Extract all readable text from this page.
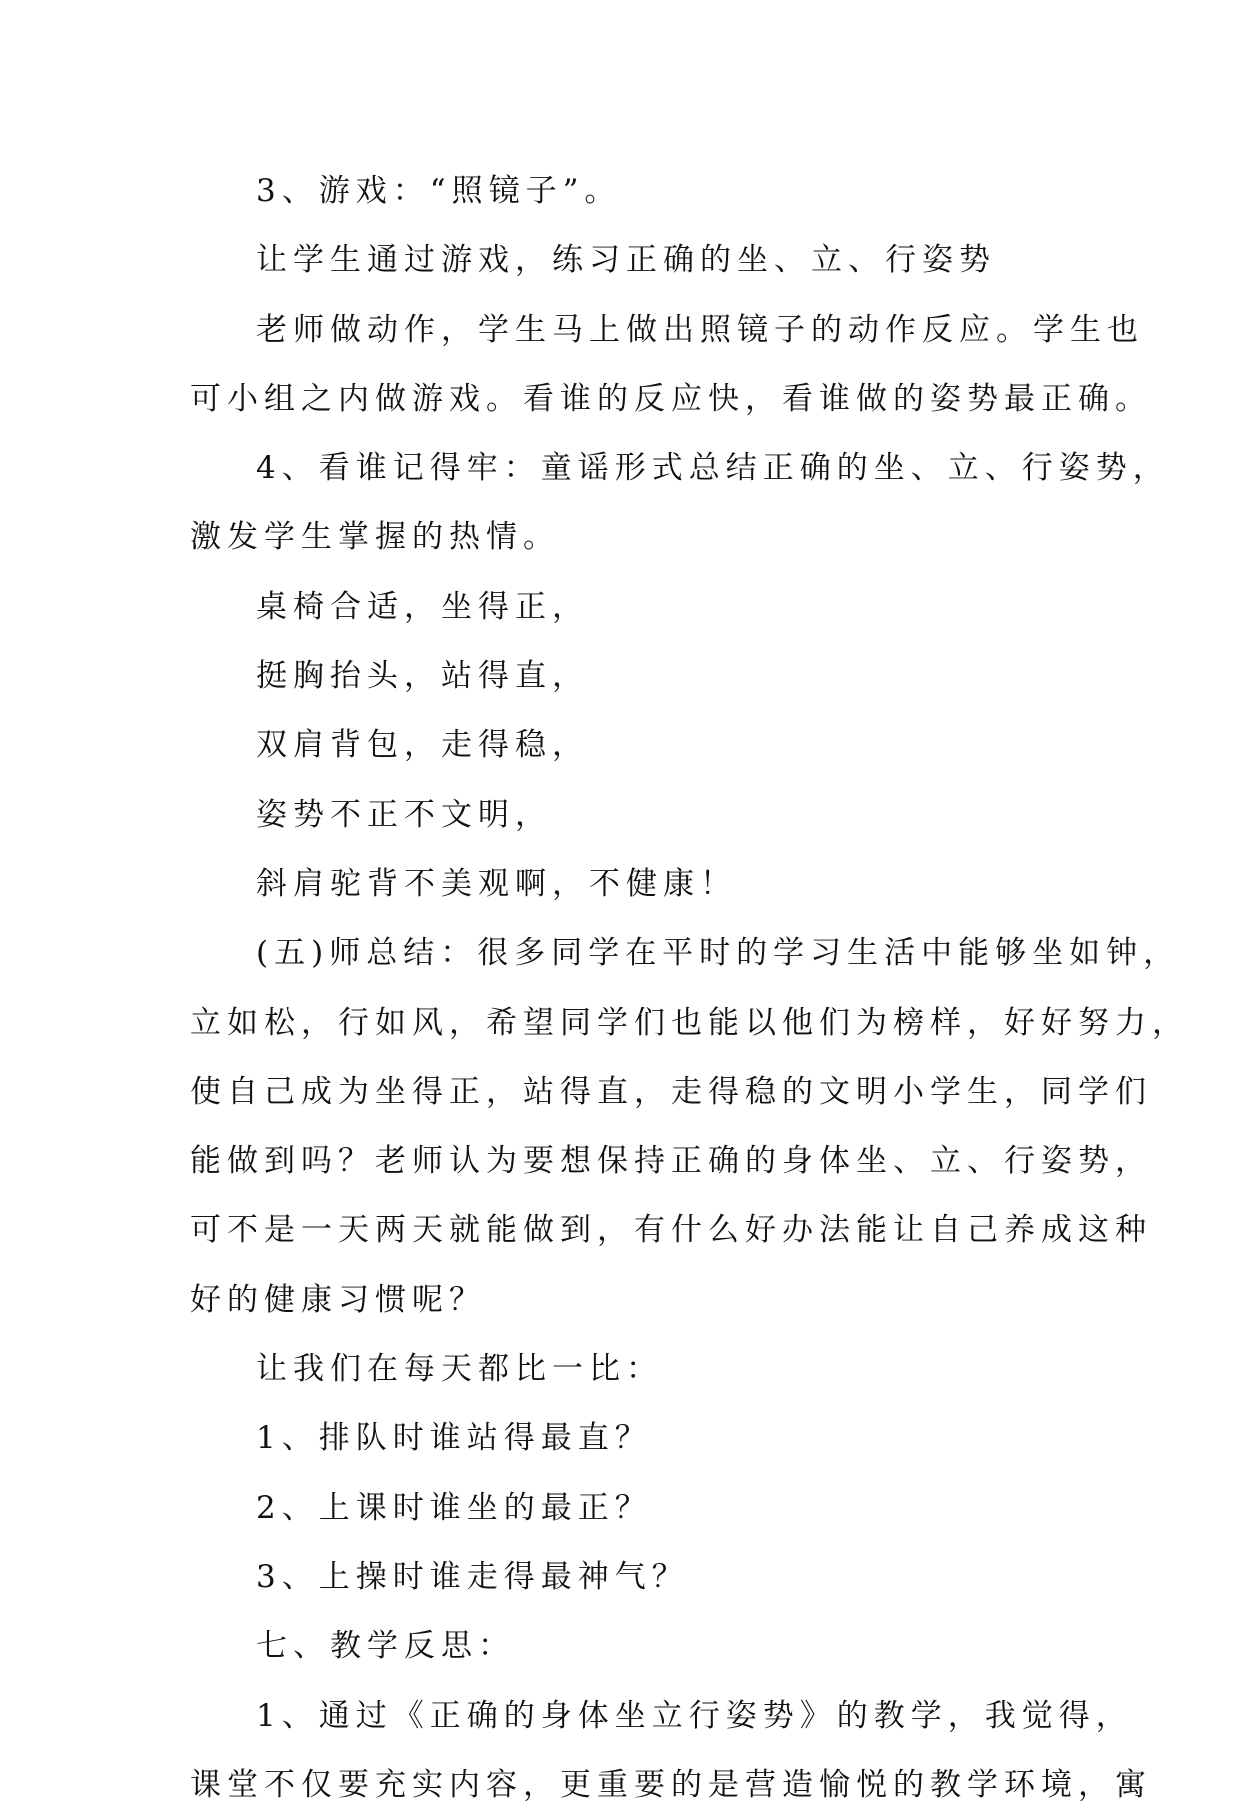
3、游戏：“照镜子”。
让学生通过游戏，练习正确的坐、立、行姿势
老师做动作，学生马上做出照镜子的动作反应。学生也
可小组之内做游戏。看谁的反应快，看谁做的姿势最正确。
4、看谁记得牢：童谣形式总结正确的坐、立、行姿势，
激发学生掌握的热情。
桌椅合适，坐得正，
挺胸抬头，站得直，
双肩背包，走得稳，
姿势不正不文明，
斜肩驼背不美观啊，不健康！
(五)师总结：很多同学在平时的学习生活中能够坐如钟，
立如松，行如风，希望同学们也能以他们为榜样，好好努力，
使自己成为坐得正，站得直，走得稳的文明小学生，同学们
能做到吗？老师认为要想保持正确的身体坐、立、行姿势，
可不是一天两天就能做到，有什么好办法能让自己养成这种
好的健康习惯呢？
让我们在每天都比一比：
1、排队时谁站得最直？
2、上课时谁坐的最正？
3、上操时谁走得最神气？
七、教学反思：
1、通过《正确的身体坐立行姿势》的教学，我觉得，
课堂不仅要充实内容，更重要的是营造愉悦的教学环境，寓
